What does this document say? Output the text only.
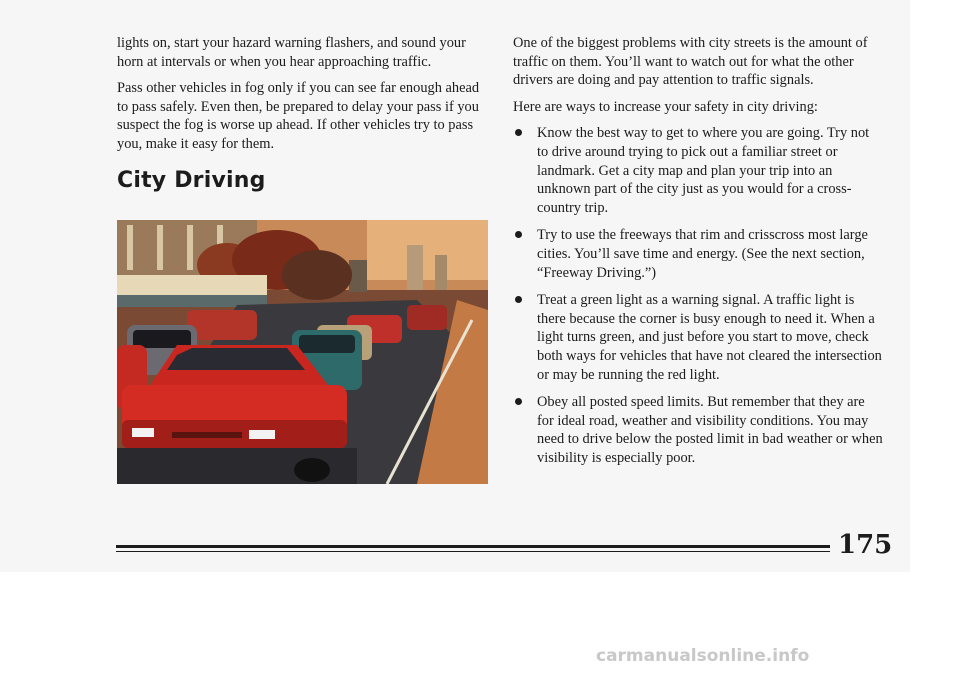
lights on, start your hazard warning flashers, and sound your horn at intervals or when you hear approaching traffic.

Pass other vehicles in fog only if you can see far enough ahead to pass safely. Even then, be prepared to delay your pass if you suspect the fog is worse up ahead. If other vehicles try to pass you, make it easy for them.

City Driving

One of the biggest problems with city streets is the amount of traffic on them. You’ll want to watch out for what the other drivers are doing and pay attention to traffic signals.

Here are ways to increase your safety in city driving:

Know the best way to get to where you are going. Try not to drive around trying to pick out a familiar street or landmark. Get a city map and plan your trip into an unknown part of the city just as you would for a cross-country trip.
Try to use the freeways that rim and crisscross most large cities. You’ll save time and energy. (See the next section, “Freeway Driving.”)
Treat a green light as a warning signal. A traffic light is there because the corner is busy enough to need it. When a light turns green, and just before you start to move, check both ways for vehicles that have not cleared the intersection or may be running the red light.
Obey all posted speed limits. But remember that they are for ideal road, weather and visibility conditions. You may need to drive below the posted limit in bad weather or when visibility is especially poor.
175
carmanualsonline.info
